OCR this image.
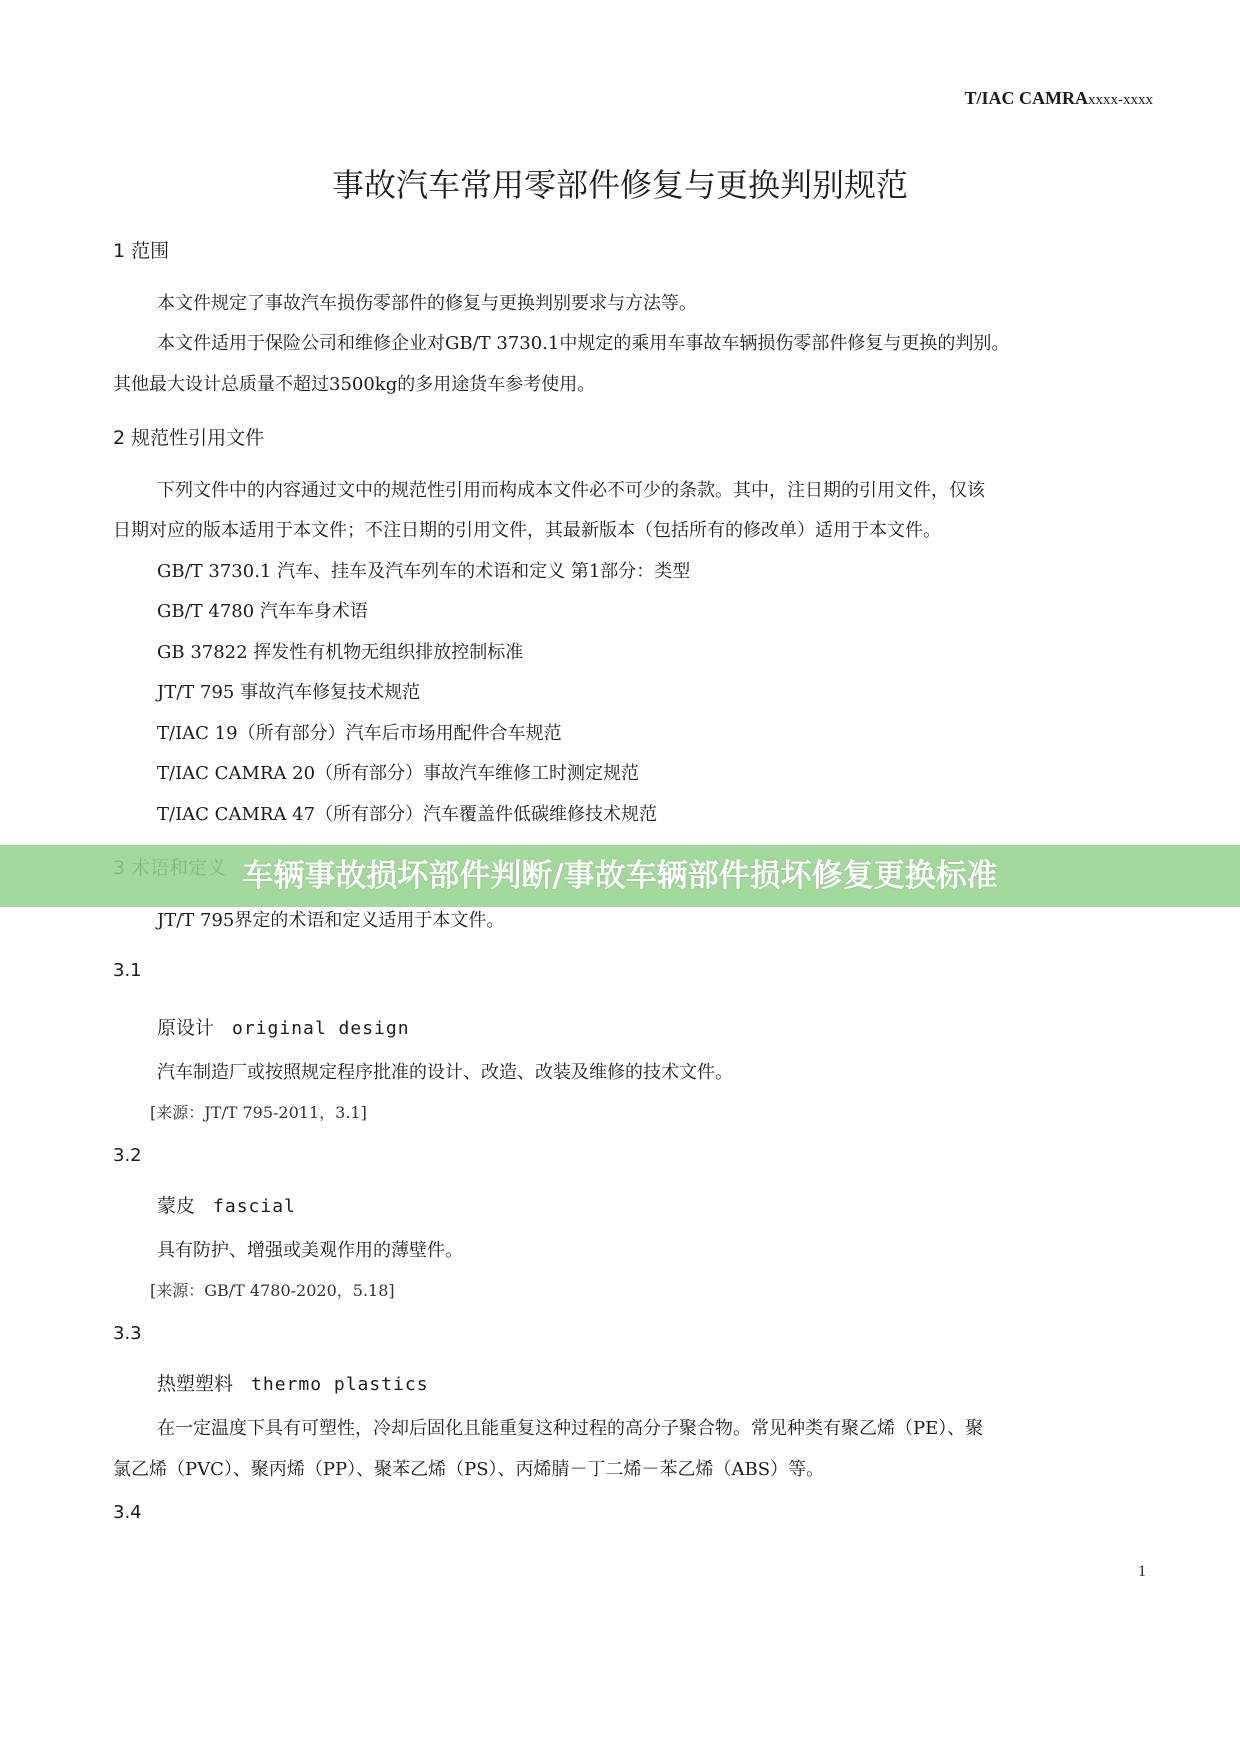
T/IAC CAMRAxxxx-xxxx
事故汽车常用零部件修复与更换判别规范
1 范围
本文件规定了事故汽车损伤零部件的修复与更换判别要求与方法等。
本文件适用于保险公司和维修企业对GB/T 3730.1中规定的乘用车事故车辆损伤零部件修复与更换的判别。
其他最大设计总质量不超过3500kg的多用途货车参考使用。
2 规范性引用文件
下列文件中的内容通过文中的规范性引用而构成本文件必不可少的条款。其中，注日期的引用文件，仅该
日期对应的版本适用于本文件；不注日期的引用文件，其最新版本（包括所有的修改单）适用于本文件。
GB/T 3730.1 汽车、挂车及汽车列车的术语和定义 第1部分：类型
GB/T 4780 汽车车身术语
GB 37822 挥发性有机物无组织排放控制标准
JT/T 795 事故汽车修复技术规范
T/IAC 19（所有部分）汽车后市场用配件合车规范
T/IAC CAMRA 20（所有部分）事故汽车维修工时测定规范
T/IAC CAMRA 47（所有部分）汽车覆盖件低碳维修技术规范
车辆事故损坏部件判断/事故车辆部件损坏修复更换标准
JT/T 795界定的术语和定义适用于本文件。
3.1
原设计 original design
汽车制造厂或按照规定程序批准的设计、改造、改装及维修的技术文件。
[来源：JT/T 795-2011，3.1]
3.2
蒙皮 fascial
具有防护、增强或美观作用的薄壁件。
[来源：GB/T 4780-2020，5.18]
3.3
热塑塑料 thermo plastics
在一定温度下具有可塑性，冷却后固化且能重复这种过程的高分子聚合物。常见种类有聚乙烯（PE）、聚
氯乙烯（PVC）、聚丙烯（PP）、聚苯乙烯（PS）、丙烯腈－丁二烯－苯乙烯（ABS）等。
3.4
1
